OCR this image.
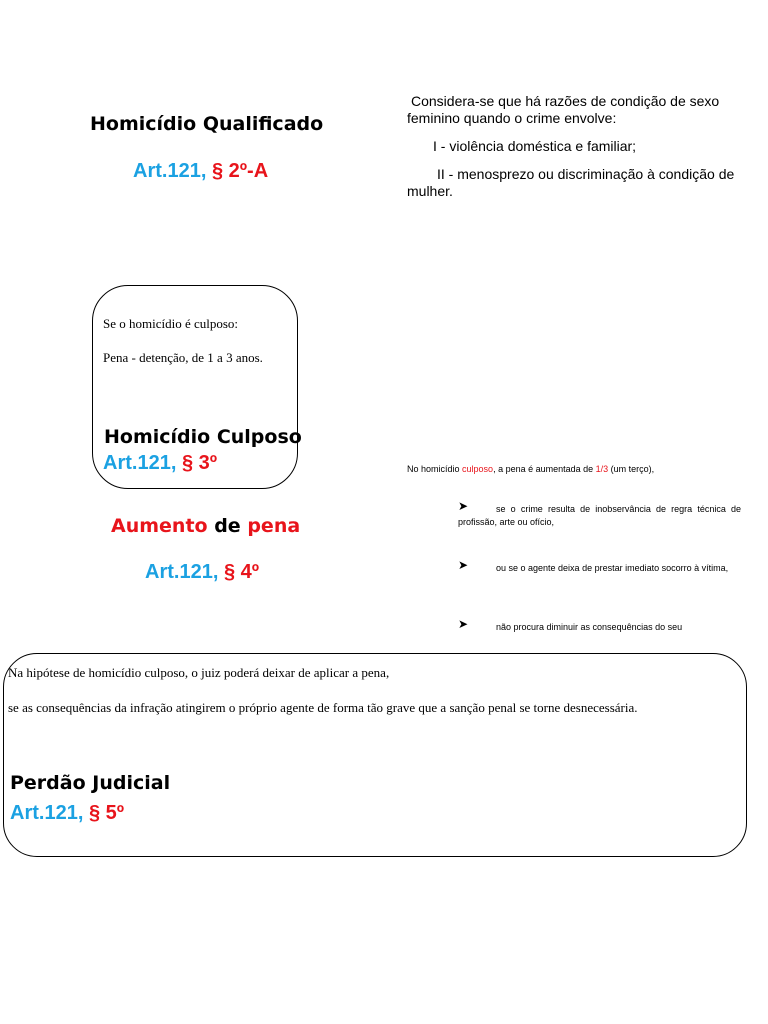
Homicídio Qualificado
Art.121, § 2º-A

Considera-se que há razões de condição de sexo feminino quando o crime envolve:

I - violência doméstica e familiar;

II - menosprezo ou discriminação à condição de mulher.

Se o homicídio é culposo:

Pena - detenção, de 1 a 3 anos.

Homicídio Culposo
Art.121, § 3º
Aumento de pena
Art.121, § 4º
No homicídio culposo, a pena é aumentada de 1/3 (um terço),
➤	se o crime resulta de inobservância de regra técnica de profissão, arte ou ofício,
➤	ou se o agente deixa de prestar imediato socorro à vítima,
➤	não procura diminuir as consequências do seu

Na hipótese de homicídio culposo, o juiz poderá deixar de aplicar a pena,

se as consequências da infração atingirem o próprio agente de forma tão grave que a sanção penal se torne desnecessária.

Perdão Judicial
Art.121, § 5º
